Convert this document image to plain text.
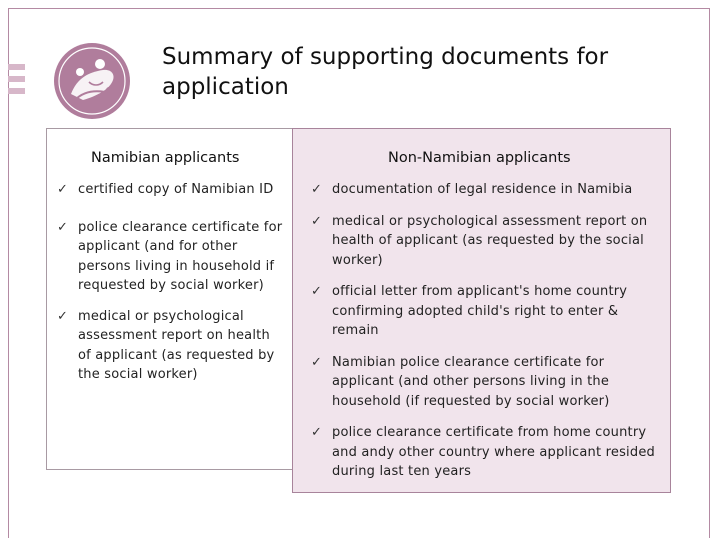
Summary of supporting documents for application
Namibian applicants
✓ certified copy of Namibian ID
✓ police clearance certificate for applicant (and for other persons living in household if requested by social worker)
✓ medical or psychological assessment report on health of applicant (as requested by the social worker)
Non-Namibian applicants
✓ documentation of legal residence in Namibia
✓ medical or psychological assessment report on health of applicant (as requested by the social worker)
✓ official letter from applicant's home country confirming adopted child's right to enter & remain
✓ Namibian police clearance certificate for applicant (and other persons living in the household (if requested by social worker)
✓ police clearance certificate from home country and andy other country where applicant resided during last ten years
